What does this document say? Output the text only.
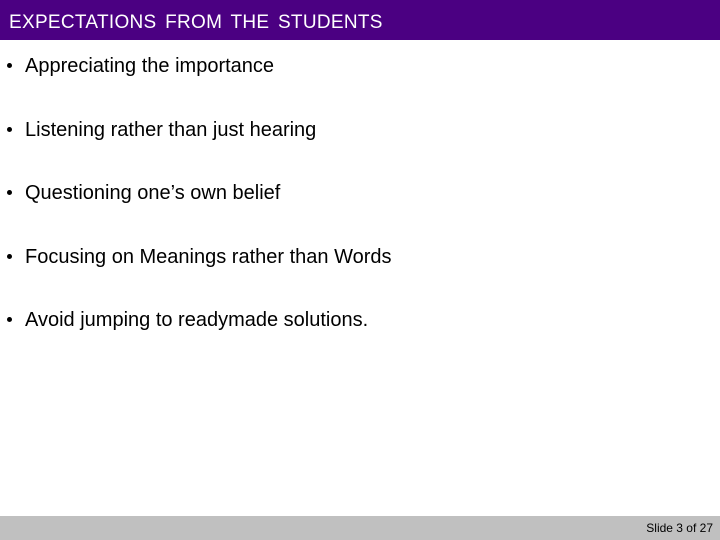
EXPECTATIONS FROM THE STUDENTS
Appreciating the importance
Listening rather than just hearing
Questioning one’s own belief
Focusing on Meanings rather than Words
Avoid jumping to readymade solutions.
Slide 3 of 27
